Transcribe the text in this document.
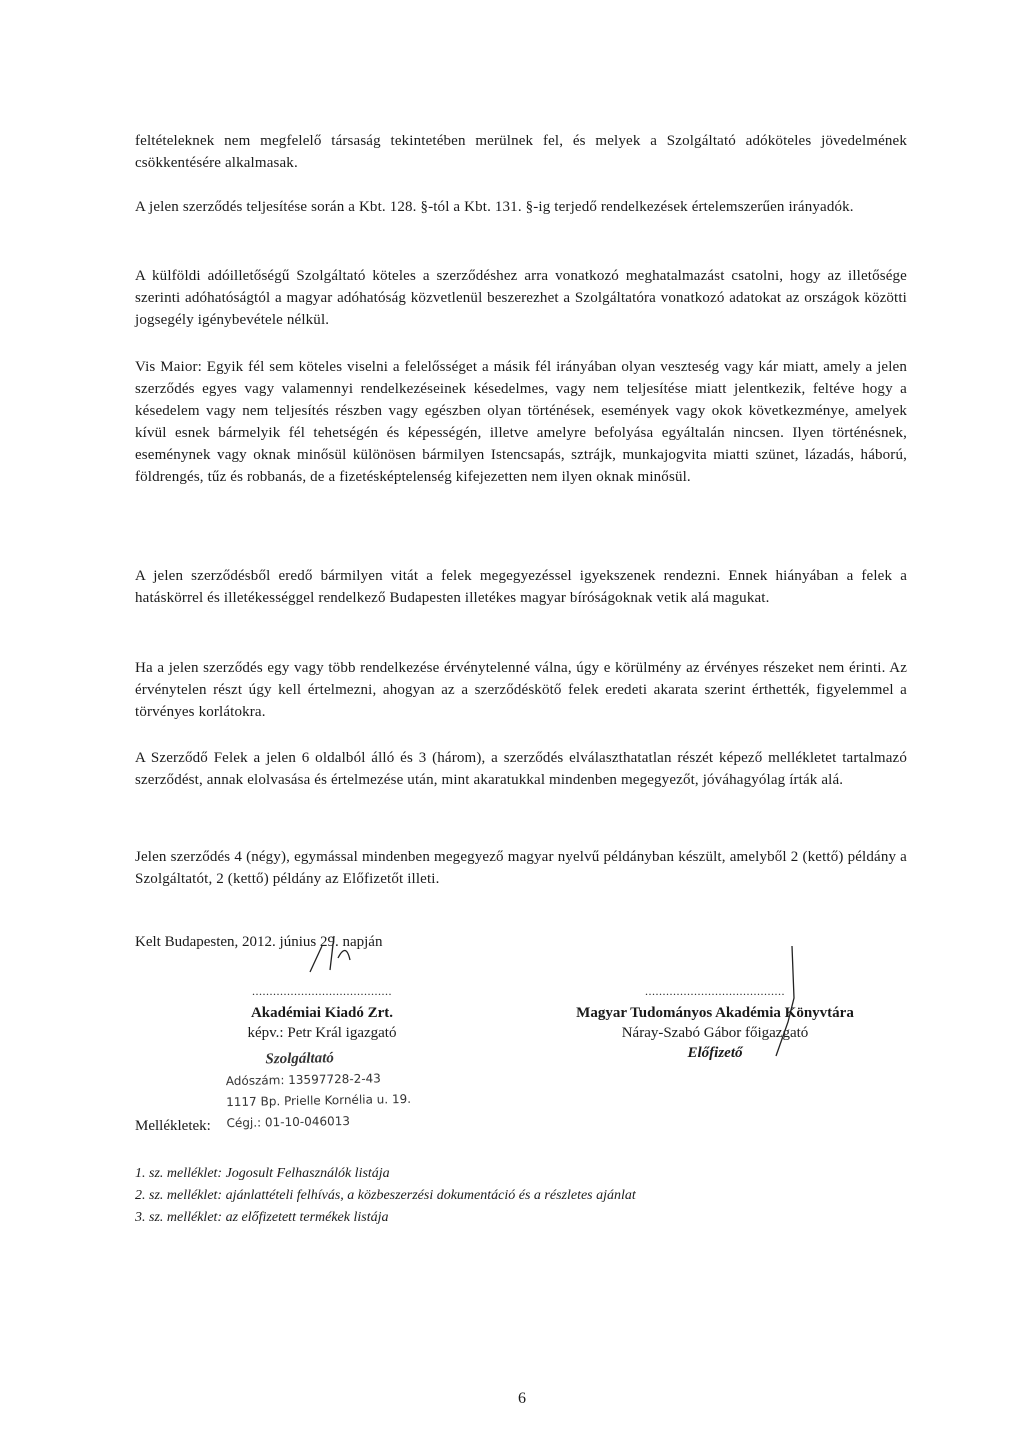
feltételeknek nem megfelelő társaság tekintetében merülnek fel, és melyek a Szolgáltató adóköteles jövedelmének csökkentésére alkalmasak.
A jelen szerződés teljesítése során a Kbt. 128. §-tól a Kbt. 131. §-ig terjedő rendelkezések értelemszerűen irányadók.
A külföldi adóilletőségű Szolgáltató köteles a szerződéshez arra vonatkozó meghatalmazást csatolni, hogy az illetősége szerinti adóhatóságtól a magyar adóhatóság közvetlenül beszerezhet a Szolgáltatóra vonatkozó adatokat az országok közötti jogsegély igénybevétele nélkül.
Vis Maior: Egyik fél sem köteles viselni a felelősséget a másik fél irányában olyan veszteség vagy kár miatt, amely a jelen szerződés egyes vagy valamennyi rendelkezéseinek késedelmes, vagy nem teljesítése miatt jelentkezik, feltéve hogy a késedelem vagy nem teljesítés részben vagy egészben olyan történések, események vagy okok következménye, amelyek kívül esnek bármelyik fél tehetségén és képességén, illetve amelyre befolyása egyáltalán nincsen. Ilyen történésnek, eseménynek vagy oknak minősül különösen bármilyen Istencsapás, sztrájk, munkajogvita miatti szünet, lázadás, háború, földrengés, tűz és robbanás, de a fizetésképtelenség kifejezetten nem ilyen oknak minősül.
A jelen szerződésből eredő bármilyen vitát a felek megegyezéssel igyekszenek rendezni. Ennek hiányában a felek a hatáskörrel és illetékességgel rendelkező Budapesten illetékes magyar bíróságoknak vetik alá magukat.
Ha a jelen szerződés egy vagy több rendelkezése érvénytelenné válna, úgy e körülmény az érvényes részeket nem érinti. Az érvénytelen részt úgy kell értelmezni, ahogyan az a szerződéskötő felek eredeti akarata szerint érthették, figyelemmel a törvényes korlátokra.
A Szerződő Felek a jelen 6 oldalból álló és 3 (három), a szerződés elválaszthatatlan részét képező mellékletet tartalmazó szerződést, annak elolvasása és értelmezése után, mint akaratukkal mindenben megegyezőt, jóváhagyólag írták alá.
Jelen szerződés 4 (négy), egymással mindenben megegyező magyar nyelvű példányban készült, amelyből 2 (kettő) példány a Szolgáltatót, 2 (kettő) példány az Előfizetőt illeti.
Kelt Budapesten, 2012. június 29. napján
........................................
Akadémiai Kiadó Zrt.
képv.: Petr Král igazgató
Szolgáltató
Adószám: 13597728-2-43
1117 Bp. Prielle Kornélia u. 19.
Cégj.: 01-10-046013
........................................
Magyar Tudományos Akadémia Könyvtára
Náray-Szabó Gábor főigazgató
Előfizető
Mellékletek:
1. sz. melléklet: Jogosult Felhasználók listája
2. sz. melléklet: ajánlattételi felhívás, a közbeszerzési dokumentáció és a részletes ajánlat
3. sz. melléklet: az előfizetett termékek listája
6
